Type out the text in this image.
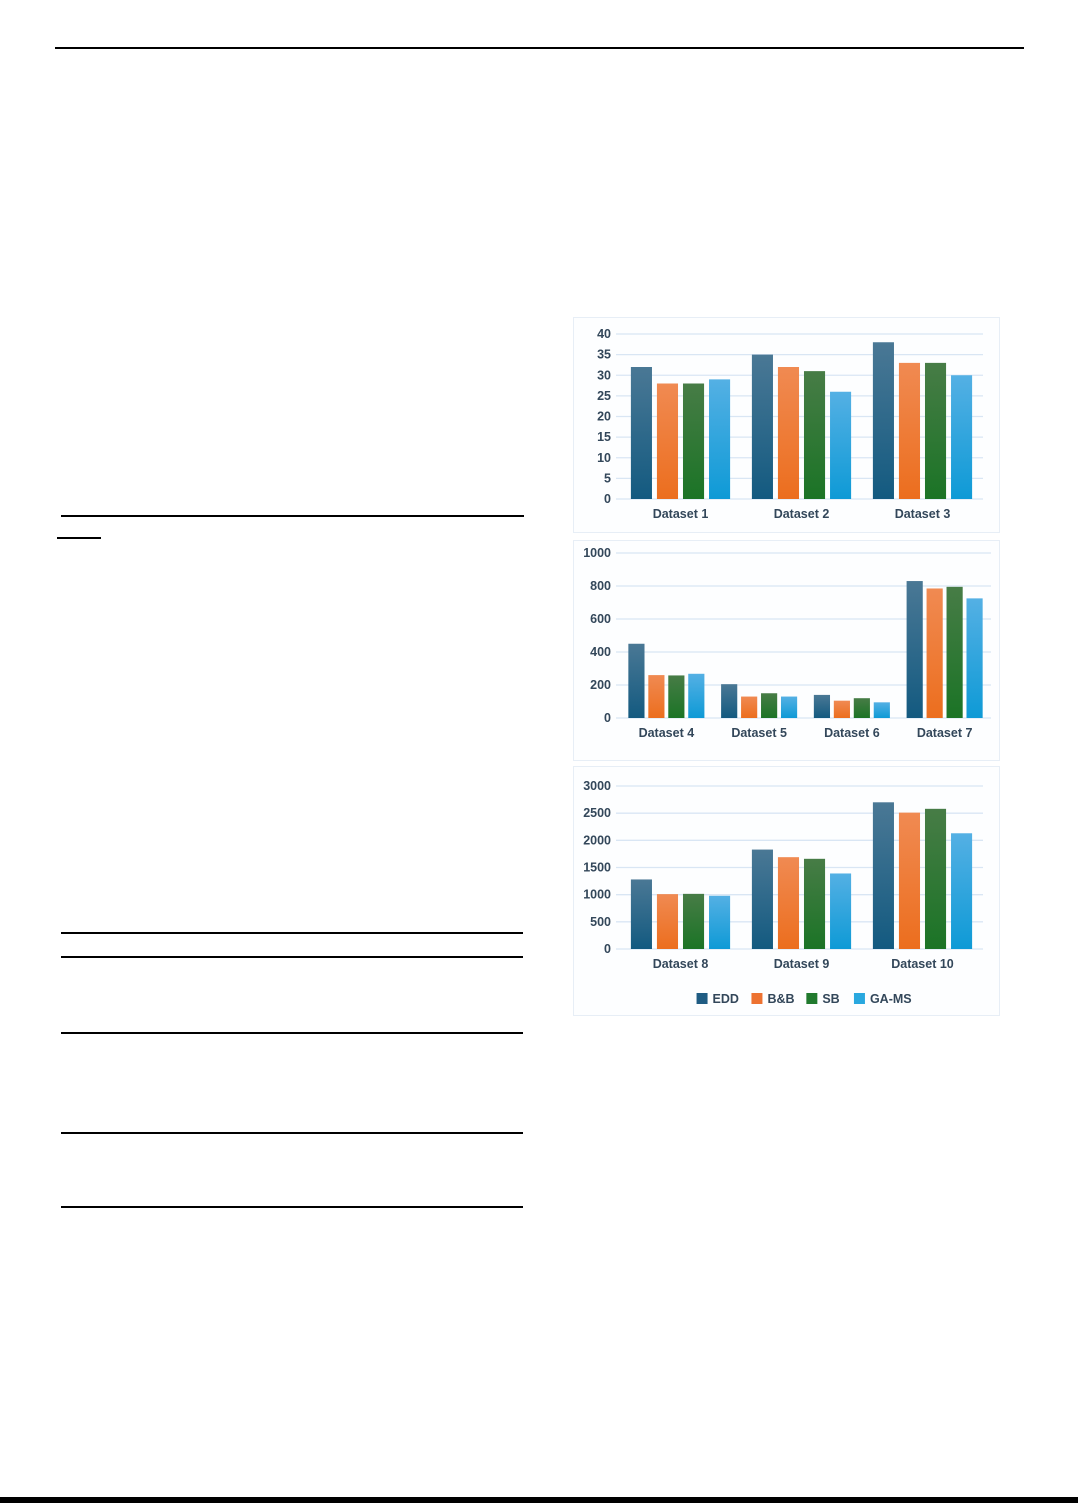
0
5
10
15
20
25
30
35
40
Dataset 1	Dataset 2	Dataset 3
0
200
400
600
800
1000
Dataset 4	Dataset 5	Dataset 6	Dataset 7
0
500
1000
1500
2000
2500
3000
Dataset 8	Dataset 9	Dataset 10
EDD B&B SB GA-MS
